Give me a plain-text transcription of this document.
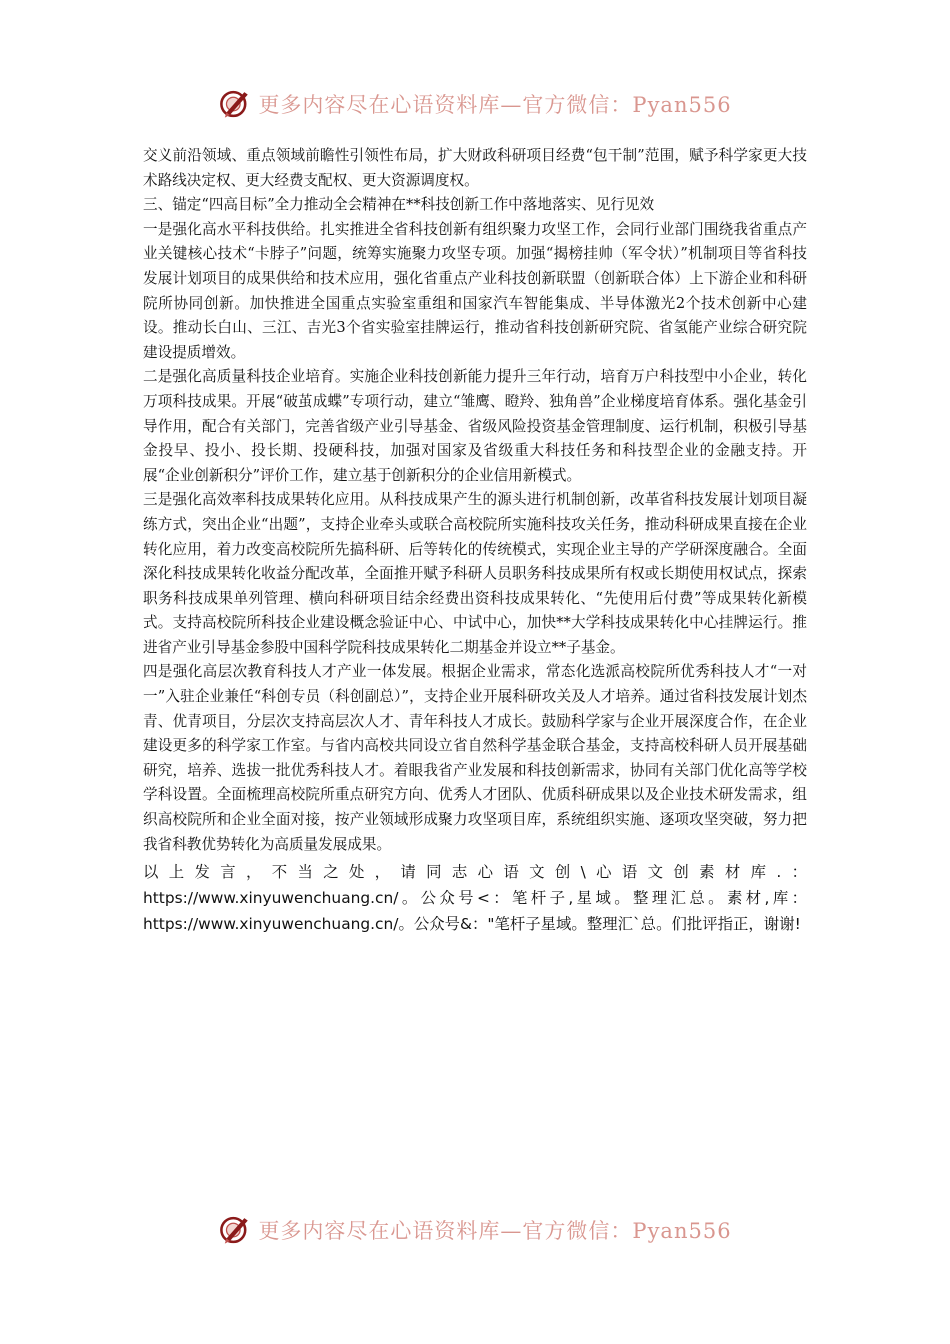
更多内容尽在心语资料库—官方微信：Pyan556

交义前沿领域、重点领域前瞻性引领性布局，扩大财政科研项目经费“包干制”范围，赋予科学家更大技术路线决定权、更大经费支配权、更大资源调度权。

三、锚定“四高目标”全力推动全会精神在**科技创新工作中落地落实、见行见效

一是强化高水平科技供给。扎实推进全省科技创新有组织聚力攻坚工作，会同行业部门围绕我省重点产业关键核心技术“卡脖子”问题，统筹实施聚力攻坚专项。加强“揭榜挂帅（军令状）”机制项目等省科技发展计划项目的成果供给和技术应用，强化省重点产业科技创新联盟（创新联合体）上下游企业和科研院所协同创新。加快推进全国重点实验室重组和国家汽车智能集成、半导体激光2个技术创新中心建设。推动长白山、三江、吉光3个省实验室挂牌运行，推动省科技创新研究院、省氢能产业综合研究院建设提质增效。

二是强化高质量科技企业培育。实施企业科技创新能力提升三年行动，培育万户科技型中小企业，转化万项科技成果。开展“破茧成蝶”专项行动，建立“雏鹰、瞪羚、独角兽”企业梯度培育体系。强化基金引导作用，配合有关部门，完善省级产业引导基金、省级风险投资基金管理制度、运行机制，积极引导基金投早、投小、投长期、投硬科技，加强对国家及省级重大科技任务和科技型企业的金融支持。开展“企业创新积分”评价工作，建立基于创新积分的企业信用新模式。

三是强化高效率科技成果转化应用。从科技成果产生的源头进行机制创新，改革省科技发展计划项目凝练方式，突出企业“出题”，支持企业牵头或联合高校院所实施科技攻关任务，推动科研成果直接在企业转化应用，着力改变高校院所先搞科研、后等转化的传统模式，实现企业主导的产学研深度融合。全面深化科技成果转化收益分配改革，全面推开赋予科研人员职务科技成果所有权或长期使用权试点，探索职务科技成果单列管理、横向科研项目结余经费出资科技成果转化、“先使用后付费”等成果转化新模式。支持高校院所科技企业建设概念验证中心、中试中心，加快**大学科技成果转化中心挂牌运行。推进省产业引导基金参股中国科学院科技成果转化二期基金并设立**子基金。

四是强化高层次教育科技人才产业一体发展。根据企业需求，常态化选派高校院所优秀科技人才“一对一”入驻企业兼任“科创专员（科创副总）”，支持企业开展科研攻关及人才培养。通过省科技发展计划杰青、优青项目，分层次支持高层次人才、青年科技人才成长。鼓励科学家与企业开展深度合作，在企业建设更多的科学家工作室。与省内高校共同设立省自然科学基金联合基金，支持高校科研人员开展基础研究，培养、选拔一批优秀科技人才。着眼我省产业发展和科技创新需求，协同有关部门优化高等学校学科设置。全面梳理高校院所重点研究方向、优秀人才团队、优质科研成果以及企业技术研发需求，组织高校院所和企业全面对接，按产业领域形成聚力攻坚项目库，系统组织实施、逐项攻坚突破，努力把我省科教优势转化为高质量发展成果。

以上发言，不当之处，请同志心语文创\心语文创素材库.：https://www.xinyuwenchuang.cn/。公众号<：笔杆子,星域。整理汇总。素材,库：https://www.xinyuwenchuang.cn/。公众号&："笔杆子星域。整理汇`总。们批评指正，谢谢!

更多内容尽在心语资料库—官方微信：Pyan556
